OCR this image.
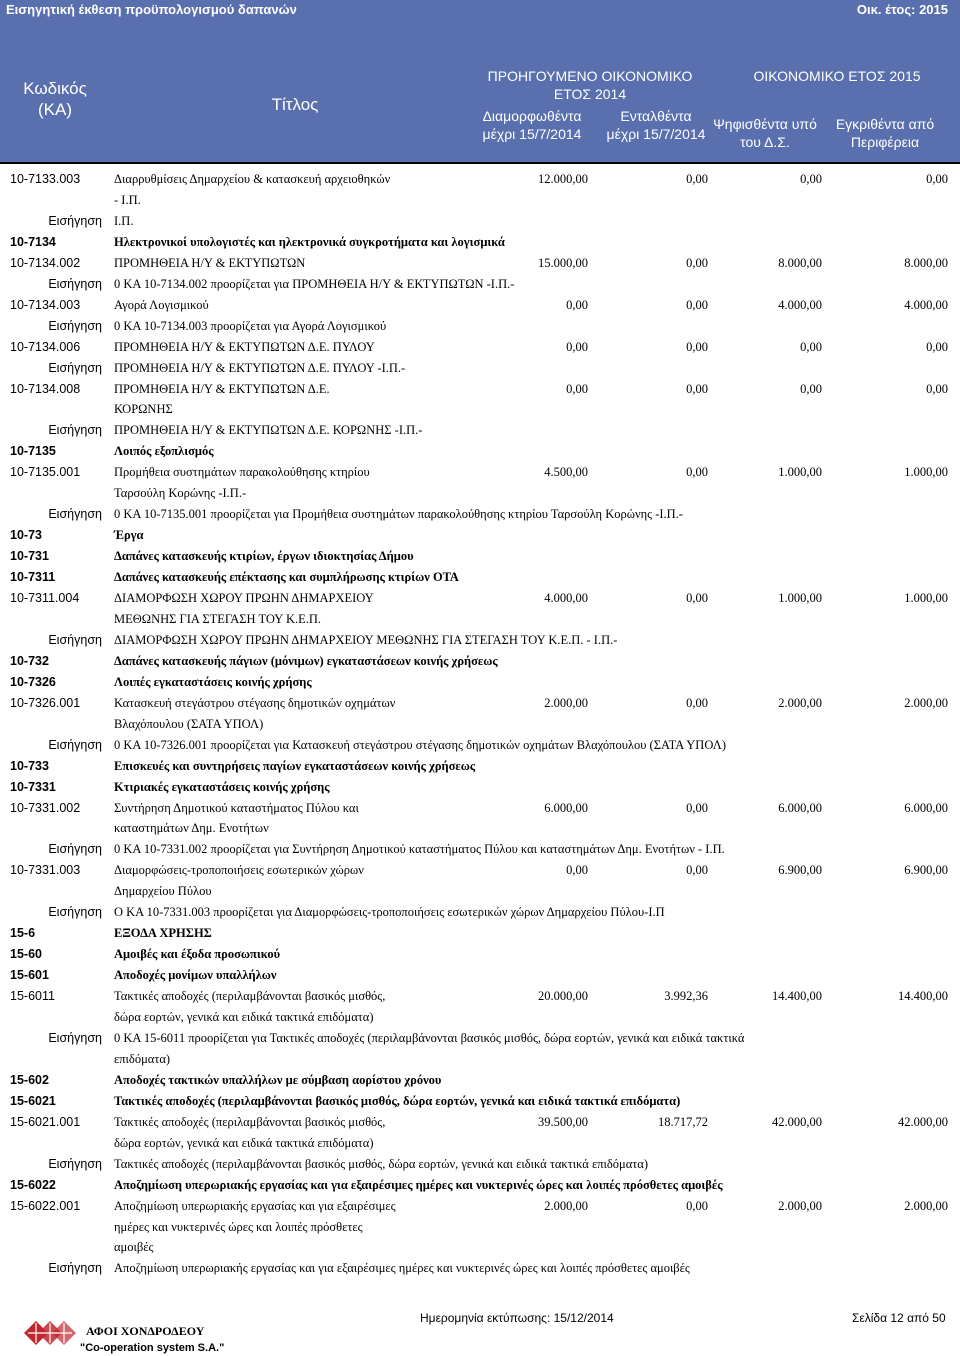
Εισηγητική έκθεση προϋπολογισμού δαπανών	Οικ. έτος: 2015
Κωδικός
(ΚΑ)	Τίτλος
ΠΡΟΗΓΟΥΜΕΝΟ ΟΙΚΟΝΟΜΙΚΟ
ΕΤΟΣ 2014
ΟΙΚΟΝΟΜΙΚΟ ΕΤΟΣ 2015
Διαμορφωθέντα
μέχρι 15/7/2014
Ενταλθέντα
μέχρι 15/7/2014
Ψηφισθέντα υπό
του Δ.Σ.
Εγκριθέντα από
Περιφέρεια
10-7133.003	Διαρρυθμίσεις Δημαρχείου & κατασκευή αρχειοθηκών	12.000,00	0,00	0,00	0,00
- Ι.Π.
Εισήγηση Ι.Π.
10-7134	Ηλεκτρονικοί υπολογιστές και ηλεκτρονικά συγκροτήματα και λογισμικά
10-7134.002	ΠΡΟΜΗΘΕΙΑ Η/Υ & ΕΚΤΥΠΩΤΩΝ	15.000,00	0,00	8.000,00	8.000,00
Εισήγηση 0 ΚΑ 10-7134.002 προορίζεται για ΠΡΟΜΗΘΕΙΑ Η/Υ & ΕΚΤΥΠΩΤΩΝ -Ι.Π.-
10-7134.003	Αγορά Λογισμικού	0,00	0,00	4.000,00	4.000,00
Εισήγηση 0 ΚΑ 10-7134.003 προορίζεται για Αγορά Λογισμικού
10-7134.006	ΠΡΟΜΗΘΕΙΑ Η/Υ & ΕΚΤΥΠΩΤΩΝ Δ.Ε. ΠΥΛΟΥ	0,00	0,00	0,00	0,00
Εισήγηση ΠΡΟΜΗΘΕΙΑ Η/Υ & ΕΚΤΥΠΩΤΩΝ Δ.Ε. ΠΥΛΟΥ -Ι.Π.-
10-7134.008	ΠΡΟΜΗΘΕΙΑ Η/Υ & ΕΚΤΥΠΩΤΩΝ Δ.Ε.	0,00	0,00	0,00	0,00
ΚΟΡΩΝΗΣ
Εισήγηση ΠΡΟΜΗΘΕΙΑ Η/Υ & ΕΚΤΥΠΩΤΩΝ Δ.Ε. ΚΟΡΩΝΗΣ -Ι.Π.-
10-7135	Λοιπός εξοπλισμός
10-7135.001	Προμήθεια συστημάτων παρακολούθησης κτηρίου	4.500,00	0,00	1.000,00	1.000,00
Ταρσούλη Κορώνης -Ι.Π.-
Εισήγηση 0 ΚΑ 10-7135.001 προορίζεται για Προμήθεια συστημάτων παρακολούθησης κτηρίου Ταρσούλη Κορώνης -Ι.Π.-
10-73	Έργα
10-731	Δαπάνες κατασκευής κτιρίων, έργων ιδιοκτησίας Δήμου
10-7311	Δαπάνες κατασκευής επέκτασης και συμπλήρωσης κτιρίων ΟΤΑ
10-7311.004	ΔΙΑΜΟΡΦΩΣΗ ΧΩΡΟΥ ΠΡΩΗΝ ΔΗΜΑΡΧΕΙΟΥ	4.000,00	0,00	1.000,00	1.000,00
ΜΕΘΩΝΗΣ ΓΙΑ ΣΤΕΓΑΣΗ ΤΟΥ Κ.Ε.Π.
Εισήγηση ΔΙΑΜΟΡΦΩΣΗ ΧΩΡΟΥ ΠΡΩΗΝ ΔΗΜΑΡΧΕΙΟΥ ΜΕΘΩΝΗΣ ΓΙΑ ΣΤΕΓΑΣΗ ΤΟΥ Κ.Ε.Π. - Ι.Π.-
10-732	Δαπάνες κατασκευής πάγιων (μόνιμων) εγκαταστάσεων κοινής χρήσεως
10-7326	Λοιπές εγκαταστάσεις κοινής χρήσης
10-7326.001	Κατασκευή στεγάστρου στέγασης δημοτικών οχημάτων	2.000,00	0,00	2.000,00	2.000,00
Βλαχόπουλου (ΣΑΤΑ ΥΠΟΛ)
Εισήγηση 0 ΚΑ 10-7326.001 προορίζεται για Κατασκευή στεγάστρου στέγασης δημοτικών οχημάτων Βλαχόπουλου (ΣΑΤΑ ΥΠΟΛ)
10-733	Επισκευές και συντηρήσεις παγίων εγκαταστάσεων κοινής χρήσεως
10-7331	Κτιριακές εγκαταστάσεις κοινής χρήσης
10-7331.002	Συντήρηση Δημοτικού καταστήματος Πύλου και	6.000,00	0,00	6.000,00	6.000,00
καταστημάτων Δημ. Ενοτήτων
Εισήγηση 0 ΚΑ 10-7331.002 προορίζεται για Συντήρηση Δημοτικού καταστήματος Πύλου και καταστημάτων Δημ. Ενοτήτων - Ι.Π.
10-7331.003	Διαμορφώσεις-τροποποιήσεις εσωτερικών χώρων	0,00	0,00	6.900,00	6.900,00
Δημαρχείου Πύλου
Εισήγηση Ο ΚΑ 10-7331.003 προορίζεται για Διαμορφώσεις-τροποποιήσεις εσωτερικών χώρων Δημαρχείου Πύλου-Ι.Π
15-6	ΕΞΟΔΑ ΧΡΗΣΗΣ
15-60	Αμοιβές και έξοδα προσωπικού
15-601	Αποδοχές μονίμων υπαλλήλων
15-6011	Τακτικές αποδοχές (περιλαμβάνονται βασικός μισθός,	20.000,00	3.992,36	14.400,00	14.400,00
δώρα εορτών, γενικά και ειδικά τακτικά επιδόματα)
Εισήγηση 0 ΚΑ 15-6011 προορίζεται για Τακτικές αποδοχές (περιλαμβάνονται βασικός μισθός, δώρα εορτών, γενικά και ειδικά τακτικά
επιδόματα)
15-602	Αποδοχές τακτικών υπαλλήλων με σύμβαση αορίστου χρόνου
15-6021	Τακτικές αποδοχές (περιλαμβάνονται βασικός μισθός, δώρα εορτών, γενικά και ειδικά τακτικά επιδόματα)
15-6021.001	Τακτικές αποδοχές (περιλαμβάνονται βασικός μισθός,	39.500,00	18.717,72	42.000,00	42.000,00
δώρα εορτών, γενικά και ειδικά τακτικά επιδόματα)
Εισήγηση Τακτικές αποδοχές (περιλαμβάνονται βασικός μισθός, δώρα εορτών, γενικά και ειδικά τακτικά επιδόματα)
15-6022	Αποζημίωση υπερωριακής εργασίας και για εξαιρέσιμες ημέρες και νυκτερινές ώρες και λοιπές πρόσθετες αμοιβές
15-6022.001	Αποζημίωση υπερωριακής εργασίας και για εξαιρέσιμες	2.000,00	0,00	2.000,00	2.000,00
ημέρες και νυκτερινές ώρες και λοιπές πρόσθετες
αμοιβές
Εισήγηση Αποζημίωση υπερωριακής εργασίας και για εξαιρέσιμες ημέρες και νυκτερινές ώρες και λοιπές πρόσθετες αμοιβές
ΑΦΟΙ ΧΟΝΔΡΟΔΕΟΥ
"Co-operation system S.A."
Ημερομηνία εκτύπωσης: 15/12/2014	Σελίδα 12 από 50
